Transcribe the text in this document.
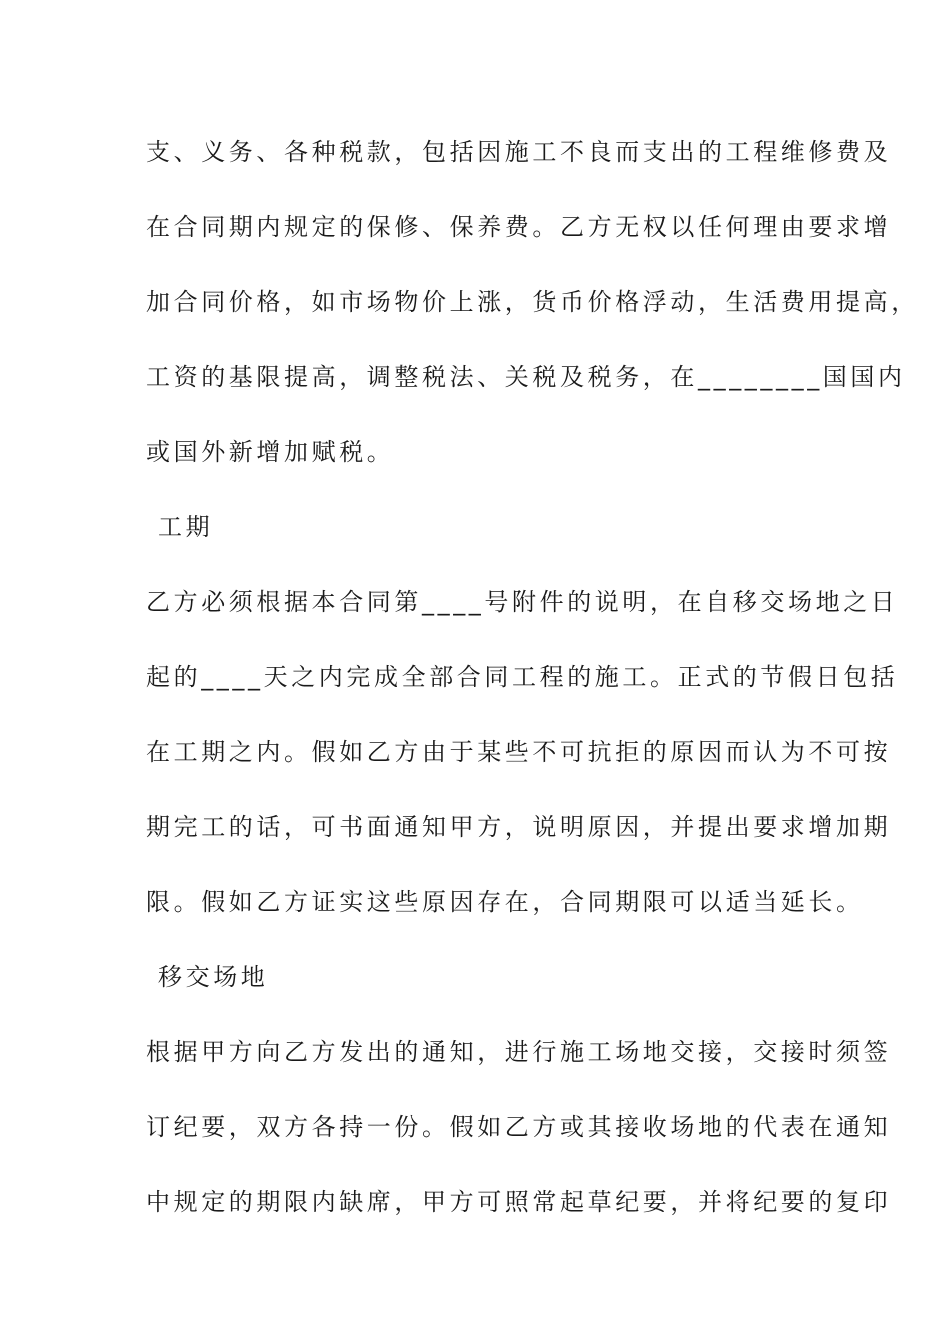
支、义务、各种税款，包括因施工不良而支出的工程维修费及
在合同期内规定的保修、保养费。乙方无权以任何理由要求增
加合同价格，如市场物价上涨，货币价格浮动，生活费用提高，
工资的基限提高，调整税法、关税及税务，在________国国内
或国外新增加赋税。
工期
乙方必须根据本合同第____号附件的说明，在自移交场地之日
起的____天之内完成全部合同工程的施工。正式的节假日包括
在工期之内。假如乙方由于某些不可抗拒的原因而认为不可按
期完工的话，可书面通知甲方，说明原因，并提出要求增加期
限。假如乙方证实这些原因存在，合同期限可以适当延长。
移交场地
根据甲方向乙方发出的通知，进行施工场地交接，交接时须签
订纪要，双方各持一份。假如乙方或其接收场地的代表在通知
中规定的期限内缺席，甲方可照常起草纪要，并将纪要的复印
